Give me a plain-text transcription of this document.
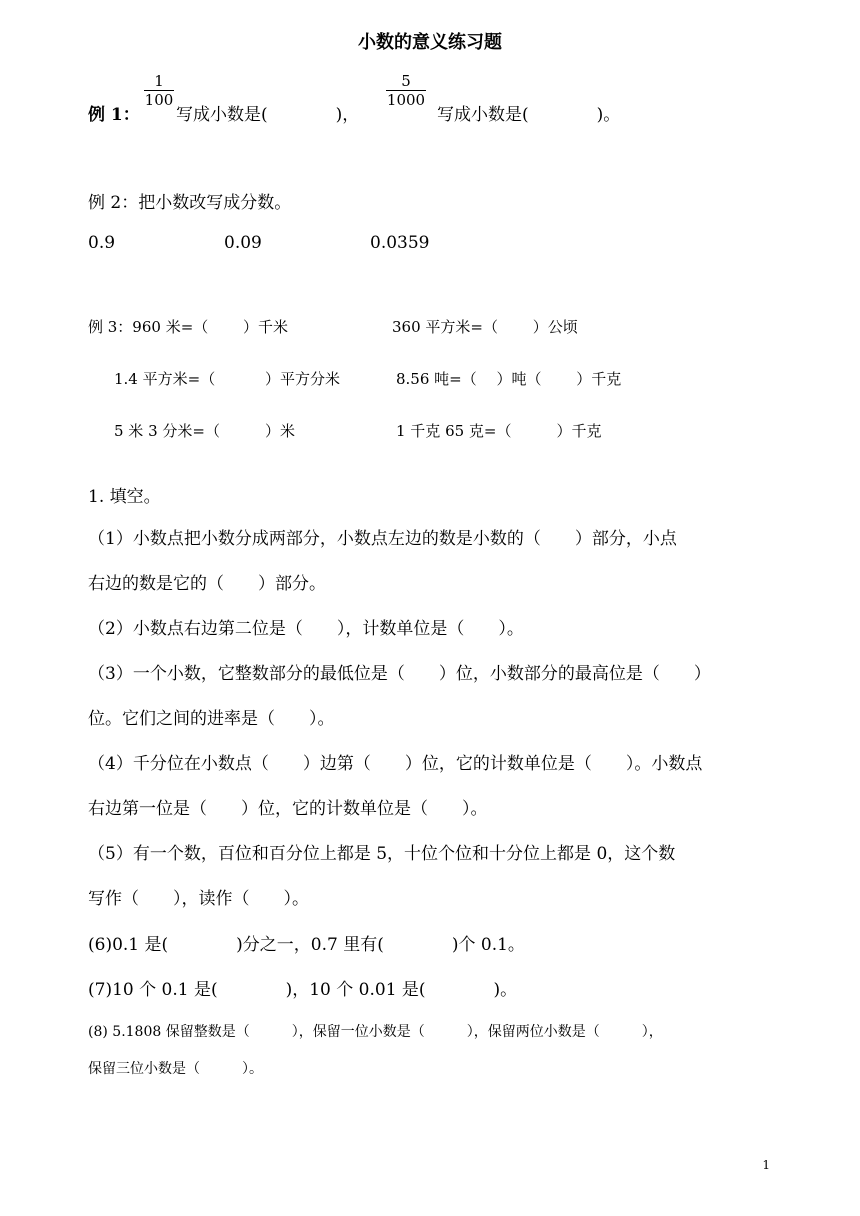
小数的意义练习题
例 1：
1
100
写成小数是(　　　　)，
5
1000
写成小数是(　　　　)。
例 2：把小数改写成分数。
0.9	0.09	0.0359
例 3：960 米=（　　 ）千米	360 平方米=（　　 ）公顷
1.4 平方米=（　　　 ）平方分米	8.56 吨=（　 ）吨（　　 ）千克
5 米 3 分米=（　　　）米	1 千克 65 克=（　　　）千克
1. 填空。
（1）小数点把小数分成两部分，小数点左边的数是小数的（　　）部分，小点
右边的数是它的（　　）部分。
（2）小数点右边第二位是（　　），计数单位是（　　）。
（3）一个小数，它整数部分的最低位是（　　）位，小数部分的最高位是（　　）
位。它们之间的进率是（　　）。
（4）千分位在小数点（　　）边第（　　）位，它的计数单位是（　　）。小数点
右边第一位是（　　）位，它的计数单位是（　　）。
（5）有一个数，百位和百分位上都是 5，十位个位和十分位上都是 0，这个数
写作（　　），读作（　　）。
(6)0.1 是(　　　　)分之一，0.7 里有(　　　　)个 0.1。
(7)10 个 0.1 是(　　　　)，10 个 0.01 是(　　　　)。
(8) 5.1808 保留整数是（　　　），保留一位小数是（　　　），保留两位小数是（　　　），
保留三位小数是（　　　）。
1
